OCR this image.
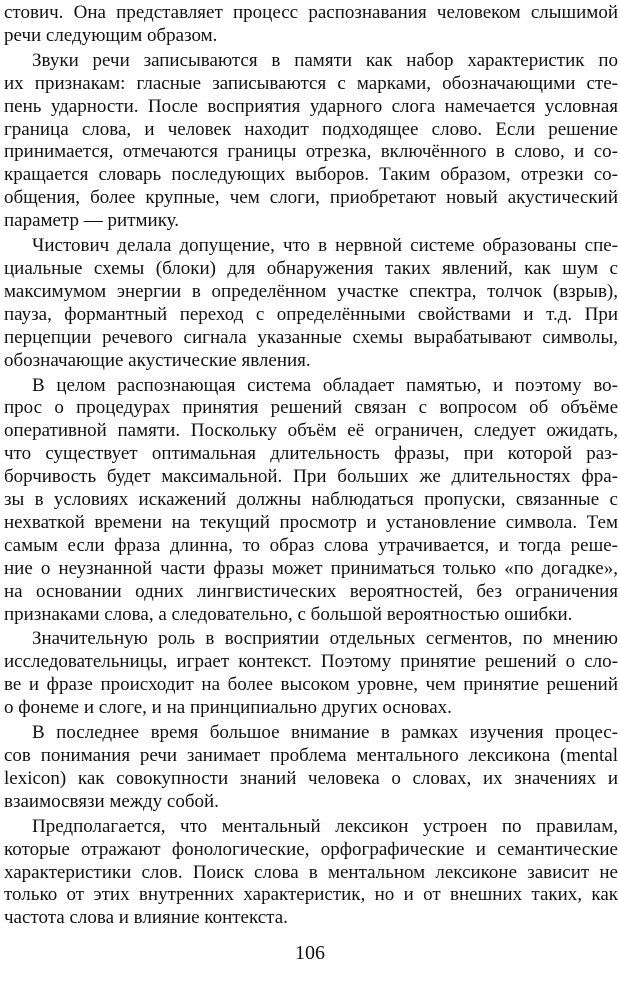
стович. Она представляет процесс распознавания человеком слышимой
речи следующим образом.
Звуки речи записываются в памяти как набор характеристик по
их признакам: гласные записываются с марками, обозначающими сте-
пень ударности. После восприятия ударного слога намечается условная
граница слова, и человек находит подходящее слово. Если решение
принимается, отмечаются границы отрезка, включённого в слово, и со-
кращается словарь последующих выборов. Таким образом, отрезки со-
общения, более крупные, чем слоги, приобретают новый акустический
параметр — ритмику.
Чистович делала допущение, что в нервной системе образованы спе-
циальные схемы (блоки) для обнаружения таких явлений, как шум с
максимумом энергии в определённом участке спектра, толчок (взрыв),
пауза, формантный переход с определёнными свойствами и т.д. При
перцепции речевого сигнала указанные схемы вырабатывают символы,
обозначающие акустические явления.
В целом распознающая система обладает памятью, и поэтому во-
прос о процедурах принятия решений связан с вопросом об объёме
оперативной памяти. Поскольку объём её ограничен, следует ожидать,
что существует оптимальная длительность фразы, при которой раз-
борчивость будет максимальной. При больших же длительностях фра-
зы в условиях искажений должны наблюдаться пропуски, связанные с
нехваткой времени на текущий просмотр и установление символа. Тем
самым если фраза длинна, то образ слова утрачивается, и тогда реше-
ние о неузнанной части фразы может приниматься только «по догадке»,
на основании одних лингвистических вероятностей, без ограничения
признаками слова, а следовательно, с большой вероятностью ошибки.
Значительную роль в восприятии отдельных сегментов, по мнению
исследовательницы, играет контекст. Поэтому принятие решений о сло-
ве и фразе происходит на более высоком уровне, чем принятие решений
о фонеме и слоге, и на принципиально других основах.
В последнее время большое внимание в рамках изучения процес-
сов понимания речи занимает проблема ментального лексикона (mental
lexicon) как совокупности знаний человека о словах, их значениях и
взаимосвязи между собой.
Предполагается, что ментальный лексикон устроен по правилам,
которые отражают фонологические, орфографические и семантические
характеристики слов. Поиск слова в ментальном лексиконе зависит не
только от этих внутренних характеристик, но и от внешних таких, как
частота слова и влияние контекста.
106
